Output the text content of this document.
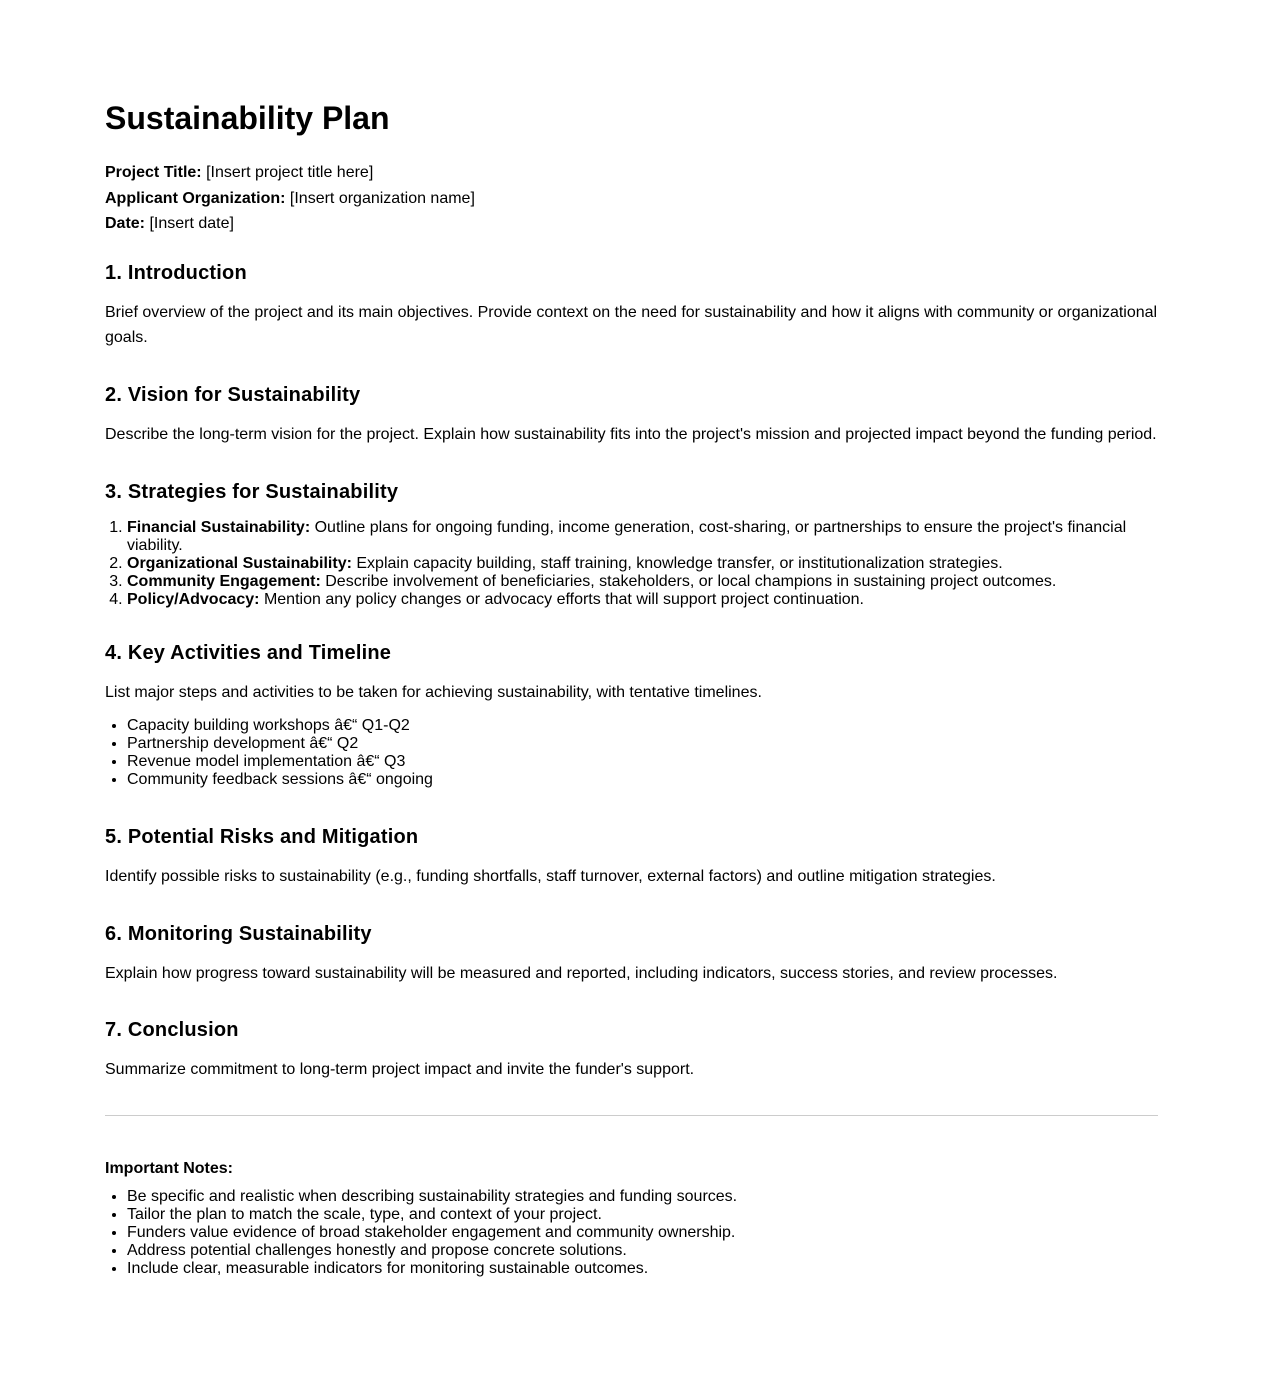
Sustainability Plan
Project Title: [Insert project title here]
Applicant Organization: [Insert organization name]
Date: [Insert date]
1. Introduction

Brief overview of the project and its main objectives. Provide context on the need for sustainability and how it aligns with community or organizational goals.

2. Vision for Sustainability

Describe the long-term vision for the project. Explain how sustainability fits into the project's mission and projected impact beyond the funding period.

3. Strategies for Sustainability
1. Financial Sustainability: Outline plans for ongoing funding, income generation, cost-sharing, or partnerships to ensure the project's financial viability.
2. Organizational Sustainability: Explain capacity building, staff training, knowledge transfer, or institutionalization strategies.
3. Community Engagement: Describe involvement of beneficiaries, stakeholders, or local champions in sustaining project outcomes.
4. Policy/Advocacy: Mention any policy changes or advocacy efforts that will support project continuation.
4. Key Activities and Timeline

List major steps and activities to be taken for achieving sustainability, with tentative timelines.

• Capacity building workshops â€“ Q1-Q2
• Partnership development â€“ Q2
• Revenue model implementation â€“ Q3
• Community feedback sessions â€“ ongoing
5. Potential Risks and Mitigation

Identify possible risks to sustainability (e.g., funding shortfalls, staff turnover, external factors) and outline mitigation strategies.

6. Monitoring Sustainability

Explain how progress toward sustainability will be measured and reported, including indicators, success stories, and review processes.

7. Conclusion

Summarize commitment to long-term project impact and invite the funder's support.

Important Notes:
• Be specific and realistic when describing sustainability strategies and funding sources.
• Tailor the plan to match the scale, type, and context of your project.
• Funders value evidence of broad stakeholder engagement and community ownership.
• Address potential challenges honestly and propose concrete solutions.
• Include clear, measurable indicators for monitoring sustainable outcomes.
